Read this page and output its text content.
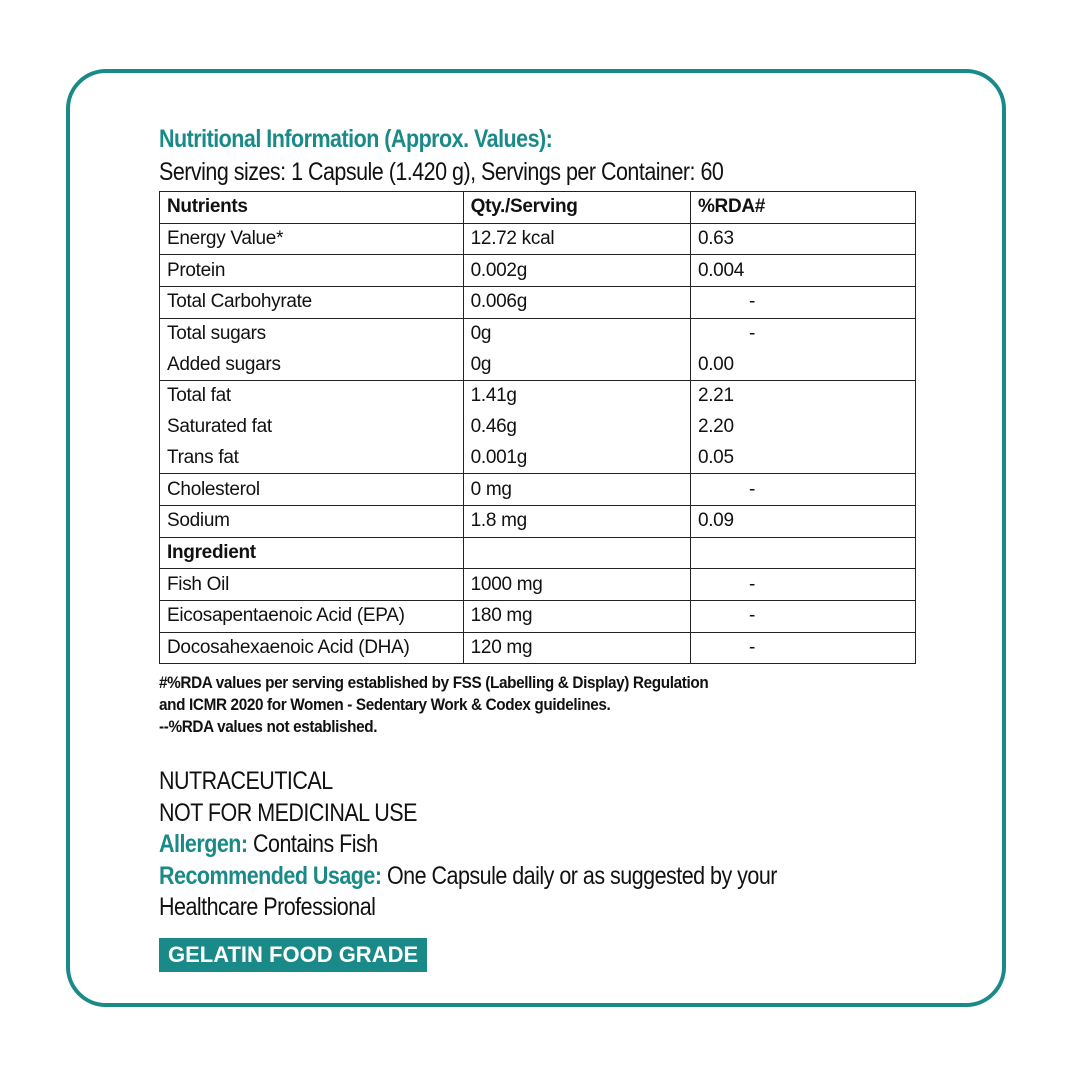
Nutritional Information (Approx. Values):

Serving sizes: 1 Capsule (1.420 g), Servings per Container: 60

Nutrients	Qty./Serving	%RDA#
Energy Value*	12.72 kcal	0.63
Protein	0.002g	0.004
Total Carbohyrate	0.006g	-
Total sugars	0g	-
Added sugars	0g	0.00
Total fat	1.41g	2.21
Saturated fat	0.46g	2.20
Trans fat	0.001g	0.05
Cholesterol	0 mg	-
Sodium	1.8 mg	0.09
Ingredient		
Fish Oil	1000 mg	-
Eicosapentaenoic Acid (EPA)	180 mg	-
Docosahexaenoic Acid (DHA)	120 mg	-
#%RDA values per serving established by FSS (Labelling & Display) Regulation
and ICMR 2020 for Women - Sedentary Work & Codex guidelines.
--%RDA values not established.
NUTRACEUTICAL
NOT FOR MEDICINAL USE
Allergen: Contains Fish
Recommended Usage: One Capsule daily or as suggested by your
Healthcare Professional
GELATIN FOOD GRADE
